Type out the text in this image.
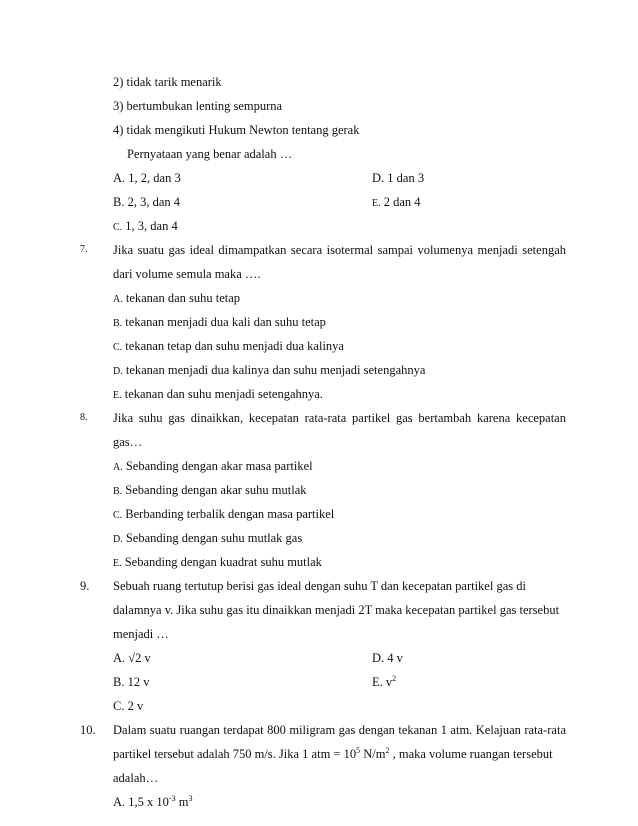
2) tidak tarik menarik
3) bertumbukan lenting sempurna
4) tidak mengikuti Hukum Newton tentang gerak
Pernyataan yang benar adalah …
A. 1, 2, dan 3	D. 1 dan 3
B. 2, 3, dan 4	E. 2 dan 4
C. 1, 3, dan 4
7. Jika suatu gas ideal dimampatkan secara isotermal sampai volumenya menjadi setengah
dari volume semula maka ….
A. tekanan dan suhu tetap
B. tekanan menjadi dua kali dan suhu tetap
C. tekanan tetap dan suhu menjadi dua kalinya
D. tekanan menjadi dua kalinya dan suhu menjadi setengahnya
E. tekanan dan suhu menjadi setengahnya.
8. Jika suhu gas dinaikkan, kecepatan rata-rata partikel gas bertambah karena kecepatan
gas…
A. Sebanding dengan akar masa partikel
B. Sebanding dengan akar suhu mutlak
C. Berbanding terbalik dengan masa partikel
D. Sebanding dengan suhu mutlak gas
E. Sebanding dengan kuadrat suhu mutlak
9. Sebuah ruang tertutup berisi gas ideal dengan suhu T dan kecepatan partikel gas di
dalamnya v. Jika suhu gas itu dinaikkan menjadi 2T maka kecepatan partikel gas tersebut
menjadi …
A. √2 v	D. 4 v
B. 12 v	E. $v^2$
C. 2 v
10. Dalam suatu ruangan terdapat 800 miligram gas dengan tekanan 1 atm. Kelajuan rata-rata
partikel tersebut adalah 750 m/s. Jika 1 atm = $10^5$ $N/m^2$ , maka volume ruangan tersebut
adalah…
A. 1,5 x $10^{-3}$ $m^3$
